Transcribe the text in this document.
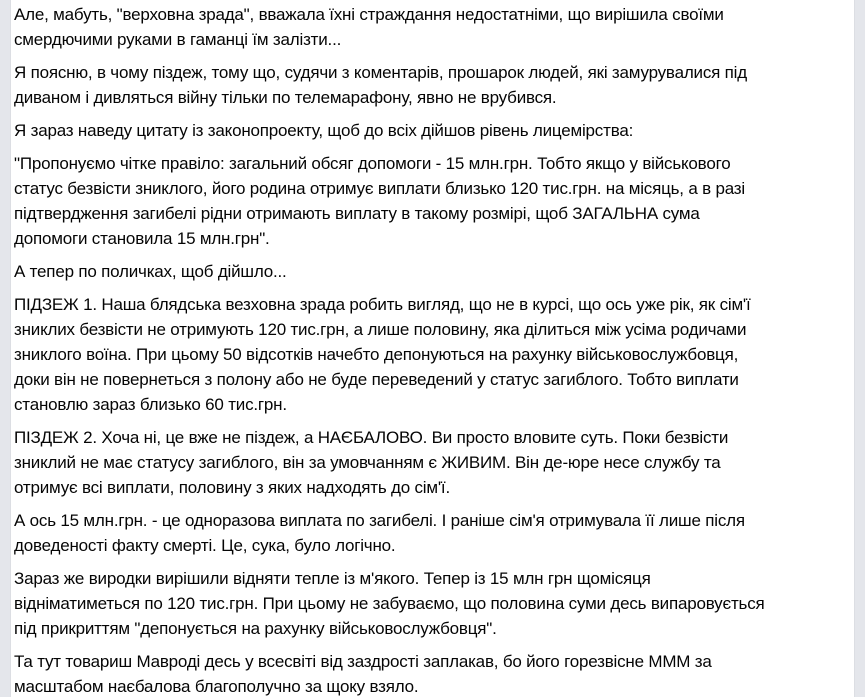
Але, мабуть, "верховна зрада", вважала їхні страждання недостатніми, що вирішила своїми
смердючими руками в гаманці їм залізти...
Я поясню, в чому піздеж, тому що, судячи з коментарів, прошарок людей, які замурувалися під
диваном і дивляться війну тільки по телемарафону, явно не врубився.
Я зараз наведу цитату із законопроекту, щоб до всіх дійшов рівень лицемірства:
"Пропонуємо чітке правіло: загальний обсяг допомоги - 15 млн.грн. Тобто якщо у військового
статус безвісти зниклого, його родина отримує виплати близько 120 тис.грн. на місяць, а в разі
підтвердження загибелі рідни отримають виплату в такому розмірі, щоб ЗАГАЛЬНА сума
допомоги становила 15 млн.грн".
А тепер по поличках, щоб дійшло...
ПІДЗЕЖ 1. Наша блядська везховна зрада робить вигляд, що не в курсі, що ось уже рік, як сім'ї
зниклих безвісти не отримують 120 тис.грн, а лише половину, яка ділиться між усіма родичами
зниклого воїна. При цьому 50 відсотків начебто депонуються на рахунку військовослужбовця,
доки він не повернеться з полону або не буде переведений у статус загиблого. Тобто виплати
становлю зараз близько 60 тис.грн.
ПІЗДЕЖ 2. Хоча ні, це вже не піздеж, а НАЄБАЛОВО. Ви просто вловите суть. Поки безвісти
зниклий не має статусу загиблого, він за умовчанням є ЖИВИМ. Він де-юре несе службу та
отримує всі виплати, половину з яких надходять до сім'ї.
А ось 15 млн.грн. - це одноразова виплата по загибелі. І раніше сім'я отримувала її лише після
доведеності факту смерті. Це, сука, було логічно.
Зараз же виродки вирішили відняти тепле із м'якого. Тепер із 15 млн грн щомісяця
відніматиметься по 120 тис.грн. При цьому не забуваємо, що половина суми десь випаровується
під прикриттям "депонується на рахунку військовослужбовця".
Та тут товариш Мавроді десь у всесвіті від заздрості заплакав, бо його горезвісне МММ за
масштабом наєбалова благополучно за щоку взяло.
